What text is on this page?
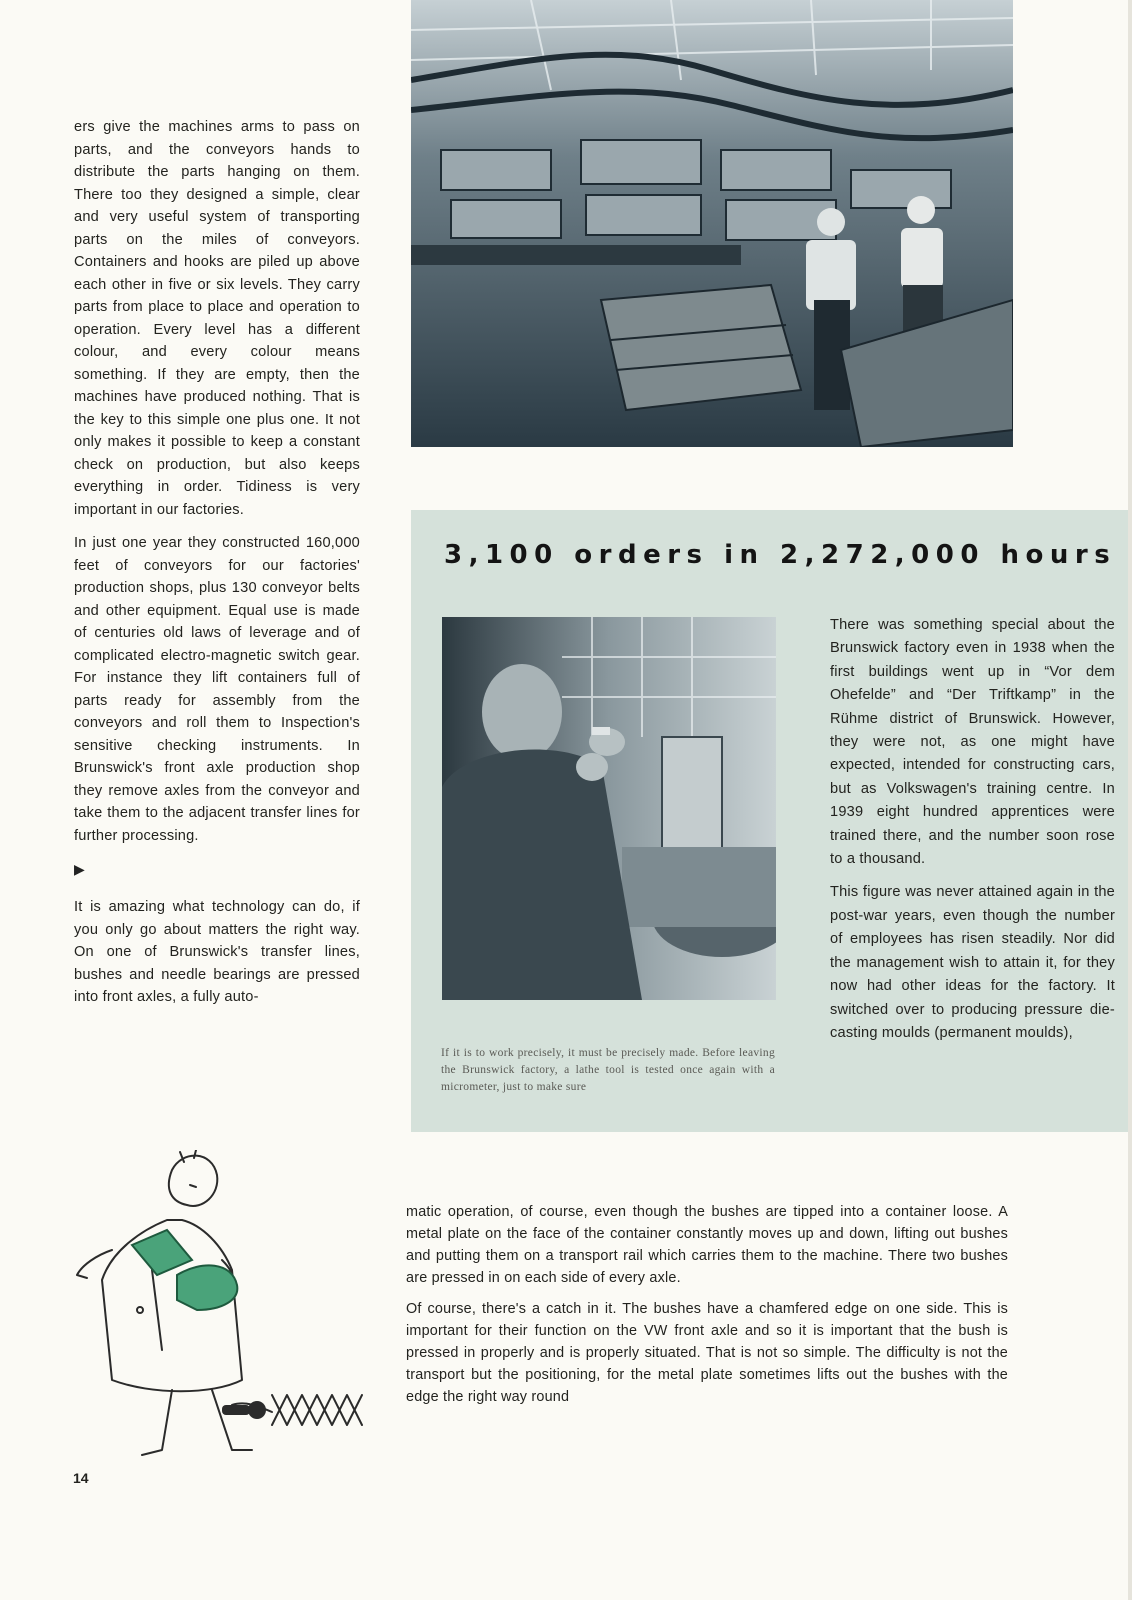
ers give the machines arms to pass on parts, and the conveyors hands to distribute the parts hanging on them. There too they designed a simple, clear and very useful system of transporting parts on the miles of conveyors. Containers and hooks are piled up above each other in five or six levels. They carry parts from place to place and operation to operation. Every level has a different colour, and every colour means something. If they are empty, then the machines have produced nothing. That is the key to this simple one plus one. It not only makes it possible to keep a constant check on production, but also keeps everything in order. Tidiness is very important in our factories.

In just one year they constructed 160,000 feet of conveyors for our factories' production shops, plus 130 conveyor belts and other equipment. Equal use is made of centuries old laws of leverage and of complicated electro-magnetic switch gear. For instance they lift containers full of parts ready for assembly from the conveyors and roll them to Inspection's sensitive checking instruments. In Brunswick's front axle production shop they remove axles from the conveyor and take them to the adjacent transfer lines for further processing.

▶

It is amazing what technology can do, if you only go about matters the right way. On one of Brunswick's transfer lines, bushes and needle bearings are pressed into front axles, a fully auto-

3,100 orders in 2,272,000 hours
If it is to work precisely, it must be precisely made. Before leaving the Brunswick factory, a lathe tool is tested once again with a micrometer, just to make sure

There was something special about the Brunswick factory even in 1938 when the first buildings went up in “Vor dem Ohefelde” and “Der Triftkamp” in the Rühme district of Brunswick. However, they were not, as one might have expected, intended for constructing cars, but as Volkswagen's training centre. In 1939 eight hundred apprentices were trained there, and the number soon rose to a thousand.

This figure was never attained again in the post-war years, even though the number of employees has risen steadily. Nor did the management wish to attain it, for they now had other ideas for the factory. It switched over to producing pressure die-casting moulds (permanent moulds),

matic operation, of course, even though the bushes are tipped into a container loose. A metal plate on the face of the container constantly moves up and down, lifting out bushes and putting them on a transport rail which carries them to the machine. There two bushes are pressed in on each side of every axle.

Of course, there's a catch in it. The bushes have a chamfered edge on one side. This is important for their function on the VW front axle and so it is important that the bush is pressed in properly and is properly situated. That is not so simple. The difficulty is not the transport but the positioning, for the metal plate sometimes lifts out the bushes with the edge the right way round

14
